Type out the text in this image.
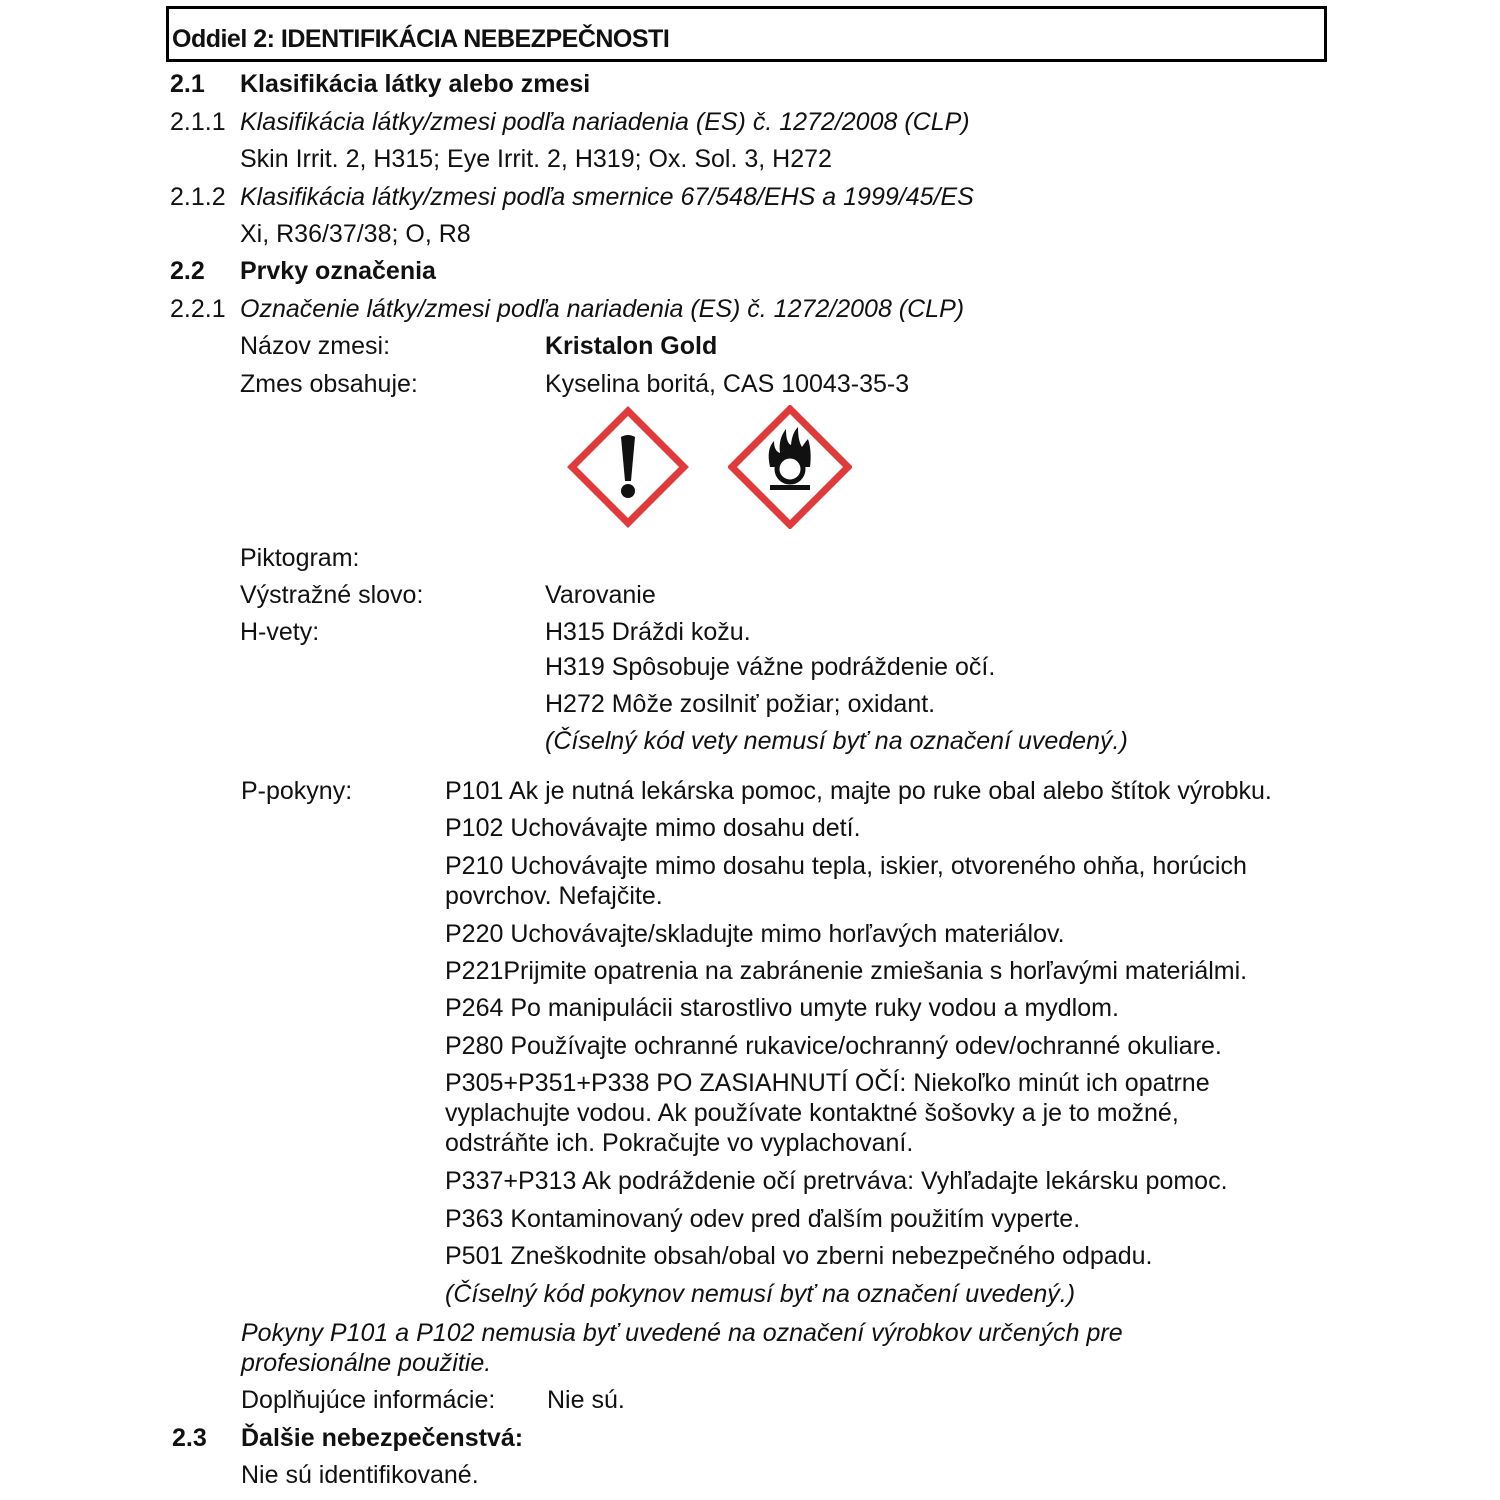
Oddiel 2: IDENTIFIKÁCIA NEBEZPEČNOSTI
2.1 Klasifikácia látky alebo zmesi
2.1.1 Klasifikácia látky/zmesi podľa nariadenia (ES) č. 1272/2008 (CLP)
Skin Irrit. 2, H315; Eye Irrit. 2, H319; Ox. Sol. 3, H272
2.1.2 Klasifikácia látky/zmesi podľa smernice 67/548/EHS a 1999/45/ES
Xi, R36/37/38; O, R8
2.2 Prvky označenia
2.2.1 Označenie látky/zmesi podľa nariadenia (ES) č. 1272/2008 (CLP)
Názov zmesi:	Kristalon Gold
Zmes obsahuje:	Kyselina boritá, CAS 10043-35-3
Piktogram:
Výstražné slovo:	Varovanie
H-vety:	H315 Dráždi kožu.
H319 Spôsobuje vážne podráždenie očí.
H272 Môže zosilniť požiar; oxidant.
(Číselný kód vety nemusí byť na označení uvedený.)
P-pokyny:	P101 Ak je nutná lekárska pomoc, majte po ruke obal alebo štítok výrobku.
P102 Uchovávajte mimo dosahu detí.
P210 Uchovávajte mimo dosahu tepla, iskier, otvoreného ohňa, horúcich
povrchov. Nefajčite.
P220 Uchovávajte/skladujte mimo horľavých materiálov.
P221Prijmite opatrenia na zabránenie zmiešania s horľavými materiálmi.
P264 Po manipulácii starostlivo umyte ruky vodou a mydlom.
P280 Používajte ochranné rukavice/ochranný odev/ochranné okuliare.
P305+P351+P338 PO ZASIAHNUTÍ OČÍ: Niekoľko minút ich opatrne
vyplachujte vodou. Ak používate kontaktné šošovky a je to možné,
odstráňte ich. Pokračujte vo vyplachovaní.
P337+P313 Ak podráždenie očí pretrváva: Vyhľadajte lekársku pomoc.
P363 Kontaminovaný odev pred ďalším použitím vyperte.
P501 Zneškodnite obsah/obal vo zberni nebezpečného odpadu.
(Číselný kód pokynov nemusí byť na označení uvedený.)
Pokyny P101 a P102 nemusia byť uvedené na označení výrobkov určených pre
profesionálne použitie.
Doplňujúce informácie: Nie sú.
2.3 Ďalšie nebezpečenstvá:
Nie sú identifikované.
